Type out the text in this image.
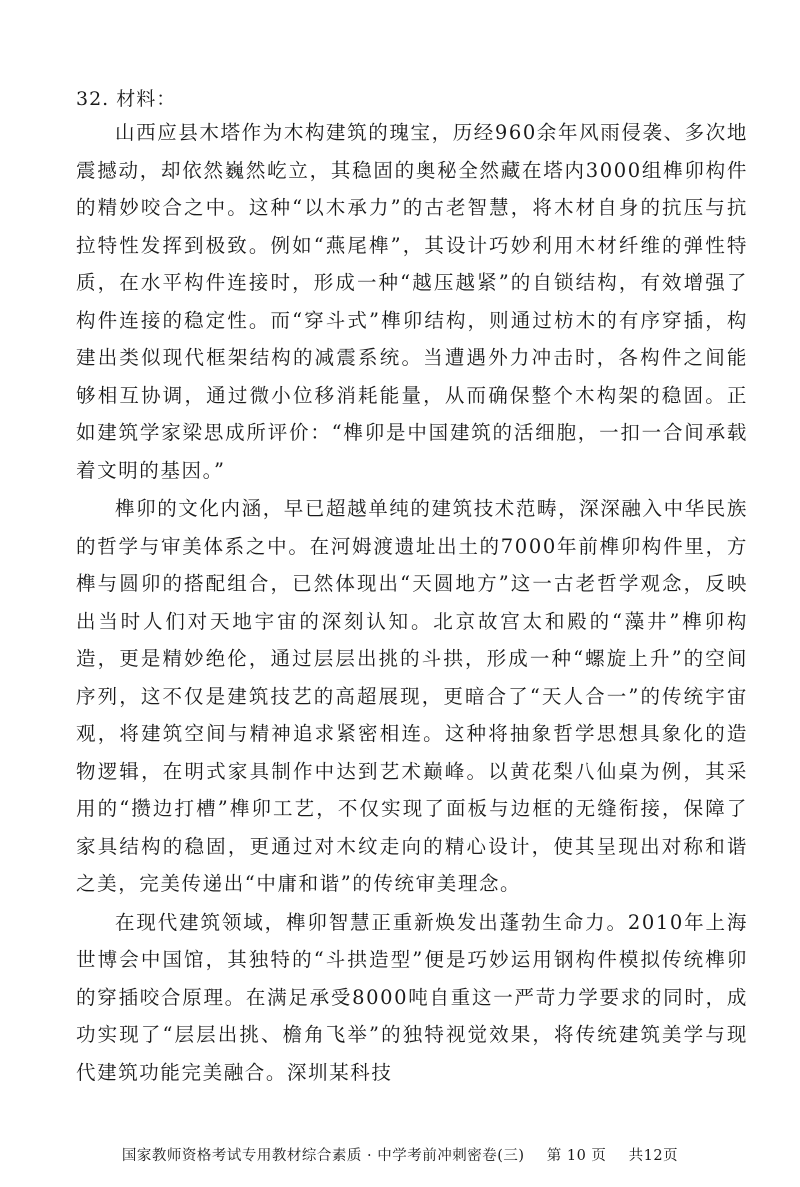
32. 材料：

山西应县木塔作为木构建筑的瑰宝，历经960余年风雨侵袭、多次地震撼动，却依然巍然屹立，其稳固的奥秘全然藏在塔内3000组榫卯构件的精妙咬合之中。这种“以木承力”的古老智慧，将木材自身的抗压与抗拉特性发挥到极致。例如“燕尾榫”，其设计巧妙利用木材纤维的弹性特质，在水平构件连接时，形成一种“越压越紧”的自锁结构，有效增强了构件连接的稳定性。而“穿斗式”榫卯结构，则通过枋木的有序穿插，构建出类似现代框架结构的减震系统。当遭遇外力冲击时，各构件之间能够相互协调，通过微小位移消耗能量，从而确保整个木构架的稳固。正如建筑学家梁思成所评价：“榫卯是中国建筑的活细胞，一扣一合间承载着文明的基因。”

榫卯的文化内涵，早已超越单纯的建筑技术范畴，深深融入中华民族的哲学与审美体系之中。在河姆渡遗址出土的7000年前榫卯构件里，方榫与圆卯的搭配组合，已然体现出“天圆地方”这一古老哲学观念，反映出当时人们对天地宇宙的深刻认知。北京故宫太和殿的“藻井”榫卯构造，更是精妙绝伦，通过层层出挑的斗拱，形成一种“螺旋上升”的空间序列，这不仅是建筑技艺的高超展现，更暗合了“天人合一”的传统宇宙观，将建筑空间与精神追求紧密相连。这种将抽象哲学思想具象化的造物逻辑，在明式家具制作中达到艺术巅峰。以黄花梨八仙桌为例，其采用的“攒边打槽”榫卯工艺，不仅实现了面板与边框的无缝衔接，保障了家具结构的稳固，更通过对木纹走向的精心设计，使其呈现出对称和谐之美，完美传递出“中庸和谐”的传统审美理念。

在现代建筑领域，榫卯智慧正重新焕发出蓬勃生命力。2010年上海世博会中国馆，其独特的“斗拱造型”便是巧妙运用钢构件模拟传统榫卯的穿插咬合原理。在满足承受8000吨自重这一严苛力学要求的同时，成功实现了“层层出挑、檐角飞举”的独特视觉效果，将传统建筑美学与现代建筑功能完美融合。深圳某科技

国家教师资格考试专用教材综合素质 · 中学考前冲刺密卷(三) 第 10 页 共12页
